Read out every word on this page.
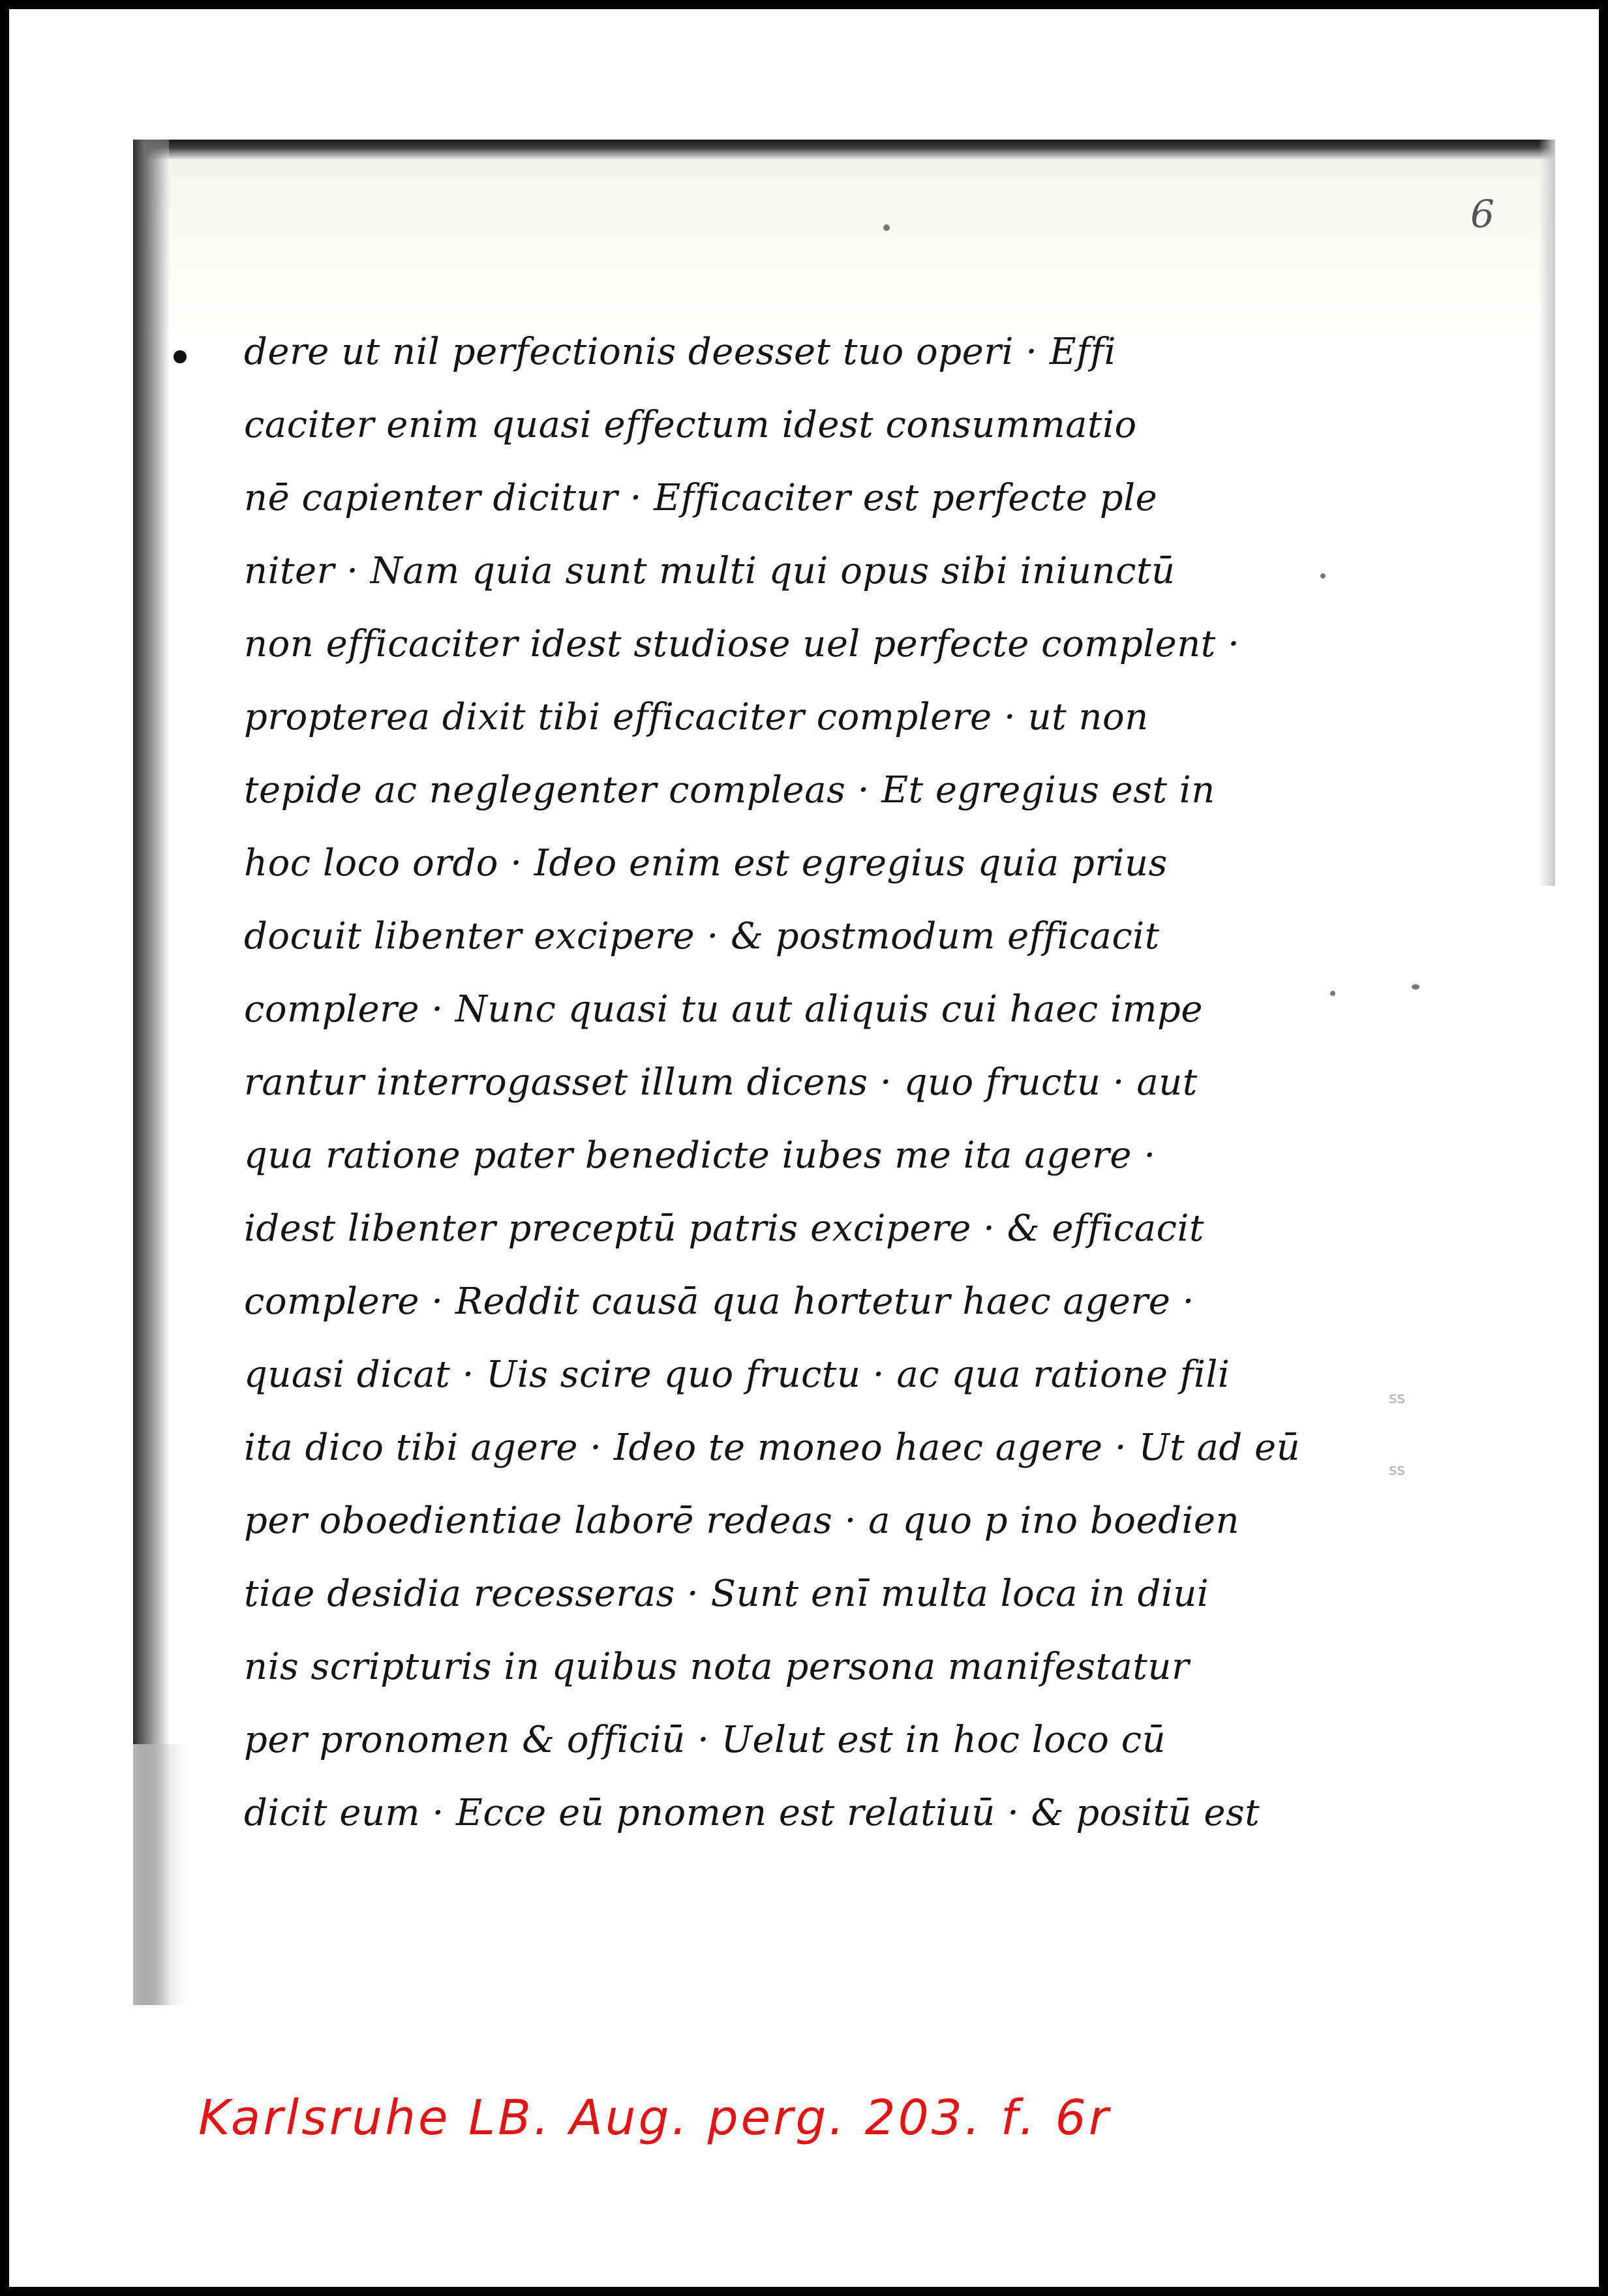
6
ss
ss
dere ut nil perfectionis deesset tuo operi · Effi
caciter enim quasi effectum idest consummatio
nē capienter dicitur · Efficaciter est perfecte ple
niter · Nam quia sunt multi qui opus sibi iniunctū
non efficaciter idest studiose uel perfecte complent ·
propterea dixit tibi efficaciter complere · ut non
tepide ac neglegenter compleas · Et egregius est in
hoc loco ordo · Ideo enim est egregius quia prius
docuit libenter excipere · & postmodum efficacit
complere · Nunc quasi tu aut aliquis cui haec impe
rantur interrogasset illum dicens · quo fructu · aut
qua ratione pater benedicte iubes me ita agere ·
idest libenter preceptū patris excipere · & efficacit
complere · Reddit causā qua hortetur haec agere ·
quasi dicat · Uis scire quo fructu · ac qua ratione fili
ita dico tibi agere · Ideo te moneo haec agere · Ut ad eū
per oboedientiae laborē redeas · a quo p ino boedien
tiae desidia recesseras · Sunt enī multa loca in diui
nis scripturis in quibus nota persona manifestatur
per pronomen & officiū · Uelut est in hoc loco cū
dicit eum · Ecce eū pnomen est relatiuū · & positū est
Karlsruhe LB. Aug. perg. 203. f. 6r
